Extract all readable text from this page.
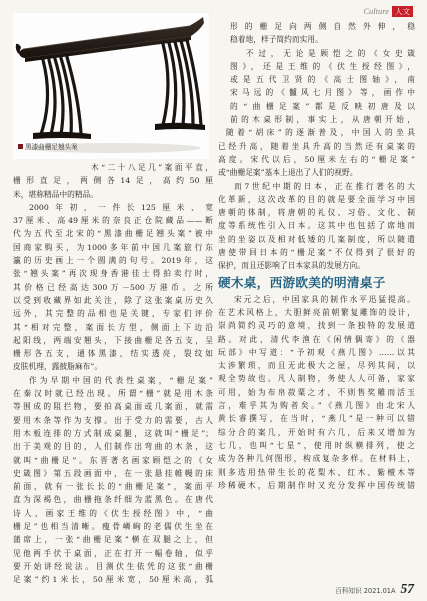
Culture 人文
黑漆曲栅足翘头案

木“二十八足几”案面平直，

栅形直足，两侧各14足，高约50厘

米，堪称精品中的精品。

2000年初，一件长125厘米、宽

37厘米、高49厘米的奈良正仓院藏品——断

代为五代至北宋的“黑漆曲栅足翘头案”被中

国商家购买，为1000多年前中国几案旅行东

瀛的历史画上一个圆满的句号。2019年，这

张“翘头案”再次现身香港佳士得拍卖行时，

其价格已经高达300万－500万港币。之所

以受到收藏界如此关注，除了这张案桌历史久

远外，其完整的品相也是关键，专家们评价

其“相对完整，案面长方型，侧面上下边沿

起阳线，两端安翘头，下接曲栅足各五支，呈

栅形各五支，通体黑漆，结实透亮，裂纹如

皮肤机理，露披脂麻布”。

作为早期中国的代表性桌案，“栅足案”

在秦汉时就已经出现。所谓“栅”就是用木条

等围成的阻拦物，要拍高桌面或几案面，就需

要用木条等作为支撑。出于受力的需要，古人

用木板连排的方式制成桌腿，这就叫“栅足”；

出于美观的目的，人们制作出弯曲的木条，这

就叫“曲栅足”。东晋著名画家顾恺之的《女

史箴图》第五段画面中，在一张悬挂帷幔的床

前面，就有一张长长的“曲栅足案”，案面平

直为深褐色，曲栅拖条纤细为蓝黑色。在唐代

诗人、画家王维的《伏生授经图》中，“曲

栅足”也相当清晰。瘦骨嶙峋的老儒伏生坐在

蒲席上，一张“曲栅足案”横在双腿之上，但

见他两手伏于桌面，正在打开一幅卷轴，似乎

要开始讲经说法。目测伏生依凭的这张“曲栅

足案”约1米长，50厘米宽，50厘米高，弧

形的栅足向两侧自然外伸，稳

稳着地，样子简约而实用。

不过，无论是顾恺之的《女史箴

图》，还是王维的《伏生授经图》，

或是五代卫贤的《高士图轴》，南

宋马远的《髗风七月图》等，画作中

的“曲栅足案”都是反映初唐及以

前的木桌形制，事实上，从唐朝开始，

随着“胡床”的逐渐普及，中国人的坐具

已经升高，随着坐具升高的当然还有桌案的

高度。宋代以后，50厘米左右的“栅足案”

或“曲栅足案”基本上退出了人们的视野。

而7世纪中期的日本，正在推行著名的大

化革新，这次改革的目的就是要全面学习中国

唐朝的体制，将唐朝的礼仪、习俗、文化、制

度等系统性引入日本。这其中也包括了席地而

坐的坐姿以及相对低矮的几案制度，所以随遣

唐使带回日本的“栅足案”不仅得到了很好的

保护，而且还影响了日本家具的发展方向。

硬木桌，西游欧美的明清桌子

宋元之后，中国家具的制作水平迅猛提高。

在艺术风格上，大胆鲜亮前朝繁复雕饰的设计，

崇尚简约灵巧的意境，找到一条独特的发展道

路。对此，清代李渔在《闲情偶寄》的《器

玩部》中写道：“予初观《燕几图》……以其

太涉繁琐，而且无此极大之屋，尽列其间，以

观全势故也。凡人制物，务使人人可备，家家

可用，始为布帛菽粟之才，不则售奖雕而活玉

言，难乎其为购者矣。”《燕几图》由北宋人

黄长睿撰写，在当时，“燕几”是一种可以错

综分合的案几，开始时有六几，后来又增加为

七几，也叫“七星”，使用时纵横排列，使之

成为各种几何图形，构成复杂多样。在材料上，

则多选用热带生长的花梨木、红木、紫檀木等

珍稀硬木，后期制作时又充分发挥中国传统错

百科知识 2021.01A 57
